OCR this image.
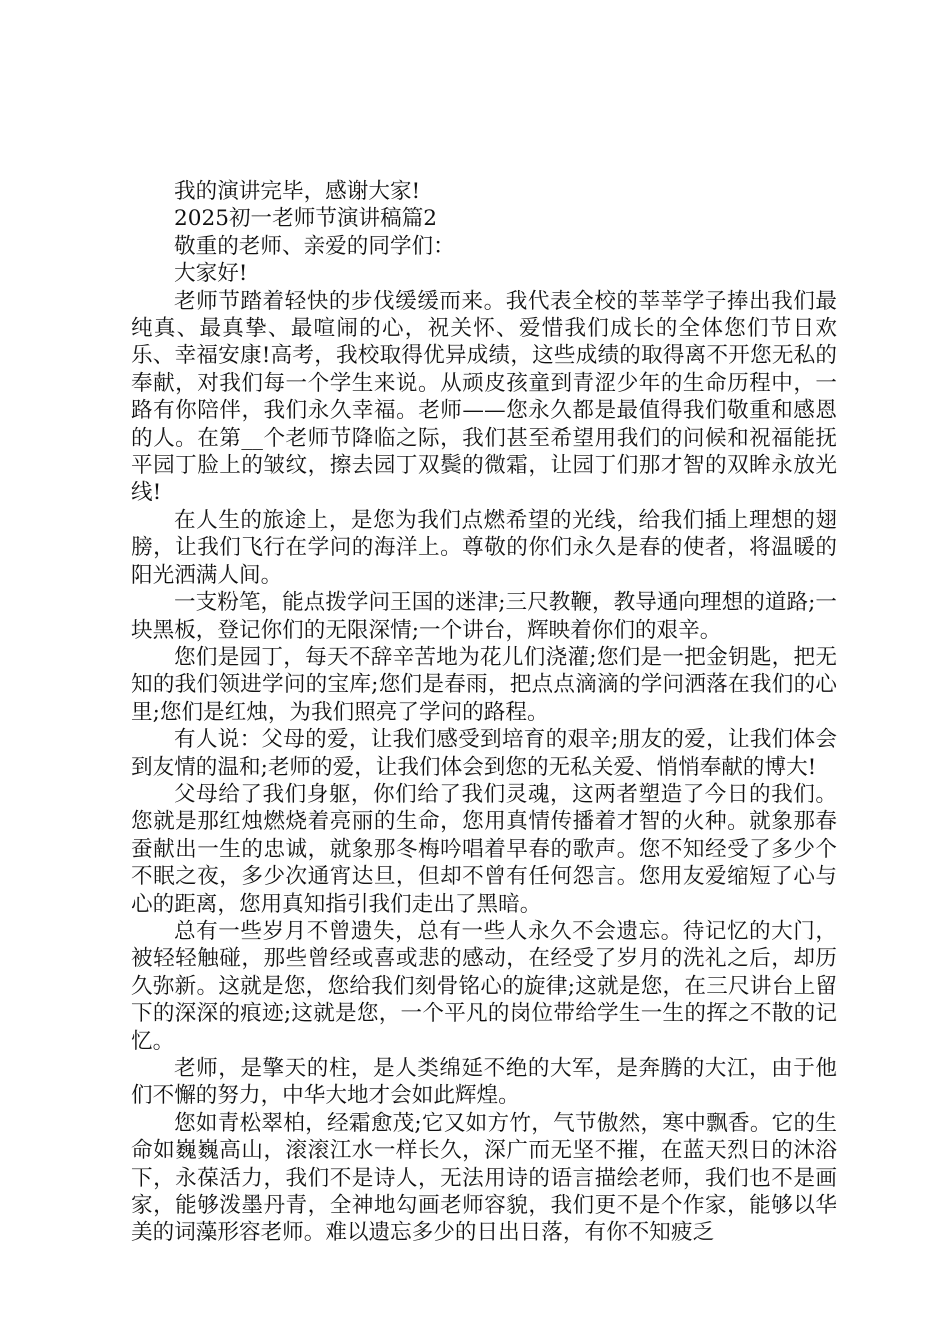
我的演讲完毕，感谢大家!

2025初一老师节演讲稿篇2

敬重的老师、亲爱的同学们：

大家好!

老师节踏着轻快的步伐缓缓而来。我代表全校的莘莘学子捧出我们最纯真、最真挚、最喧闹的心，祝关怀、爱惜我们成长的全体您们节日欢乐、幸福安康!高考，我校取得优异成绩，这些成绩的取得离不开您无私的奉献，对我们每一个学生来说。从顽皮孩童到青涩少年的生命历程中，一路有你陪伴，我们永久幸福。老师——您永久都是最值得我们敬重和感恩的人。在第__个老师节降临之际，我们甚至希望用我们的问候和祝福能抚平园丁脸上的皱纹，擦去园丁双鬓的微霜，让园丁们那才智的双眸永放光线!

在人生的旅途上，是您为我们点燃希望的光线，给我们插上理想的翅膀，让我们飞行在学问的海洋上。尊敬的你们永久是春的使者，将温暖的阳光洒满人间。

一支粉笔，能点拨学问王国的迷津;三尺教鞭，教导通向理想的道路;一块黑板，登记你们的无限深情;一个讲台，辉映着你们的艰辛。

您们是园丁，每天不辞辛苦地为花儿们浇灌;您们是一把金钥匙，把无知的我们领进学问的宝库;您们是春雨，把点点滴滴的学问洒落在我们的心里;您们是红烛，为我们照亮了学问的路程。

有人说：父母的爱，让我们感受到培育的艰辛;朋友的爱，让我们体会到友情的温和;老师的爱，让我们体会到您的无私关爱、悄悄奉献的博大!

父母给了我们身躯，你们给了我们灵魂，这两者塑造了今日的我们。您就是那红烛燃烧着亮丽的生命，您用真情传播着才智的火种。就象那春蚕献出一生的忠诚，就象那冬梅吟唱着早春的歌声。您不知经受了多少个不眠之夜，多少次通宵达旦，但却不曾有任何怨言。您用友爱缩短了心与心的距离，您用真知指引我们走出了黑暗。

总有一些岁月不曾遗失，总有一些人永久不会遗忘。待记忆的大门，被轻轻触碰，那些曾经或喜或悲的感动，在经受了岁月的洗礼之后，却历久弥新。这就是您，您给我们刻骨铭心的旋律;这就是您，在三尺讲台上留下的深深的痕迹;这就是您，一个平凡的岗位带给学生一生的挥之不散的记忆。

老师，是擎天的柱，是人类绵延不绝的大军，是奔腾的大江，由于他们不懈的努力，中华大地才会如此辉煌。

您如青松翠柏，经霜愈茂;它又如方竹，气节傲然，寒中飘香。它的生命如巍巍高山，滚滚江水一样长久，深广而无坚不摧，在蓝天烈日的沐浴下，永葆活力，我们不是诗人，无法用诗的语言描绘老师，我们也不是画家，能够泼墨丹青，全神地勾画老师容貌，我们更不是个作家，能够以华美的词藻形容老师。难以遗忘多少的日出日落，有你不知疲乏
